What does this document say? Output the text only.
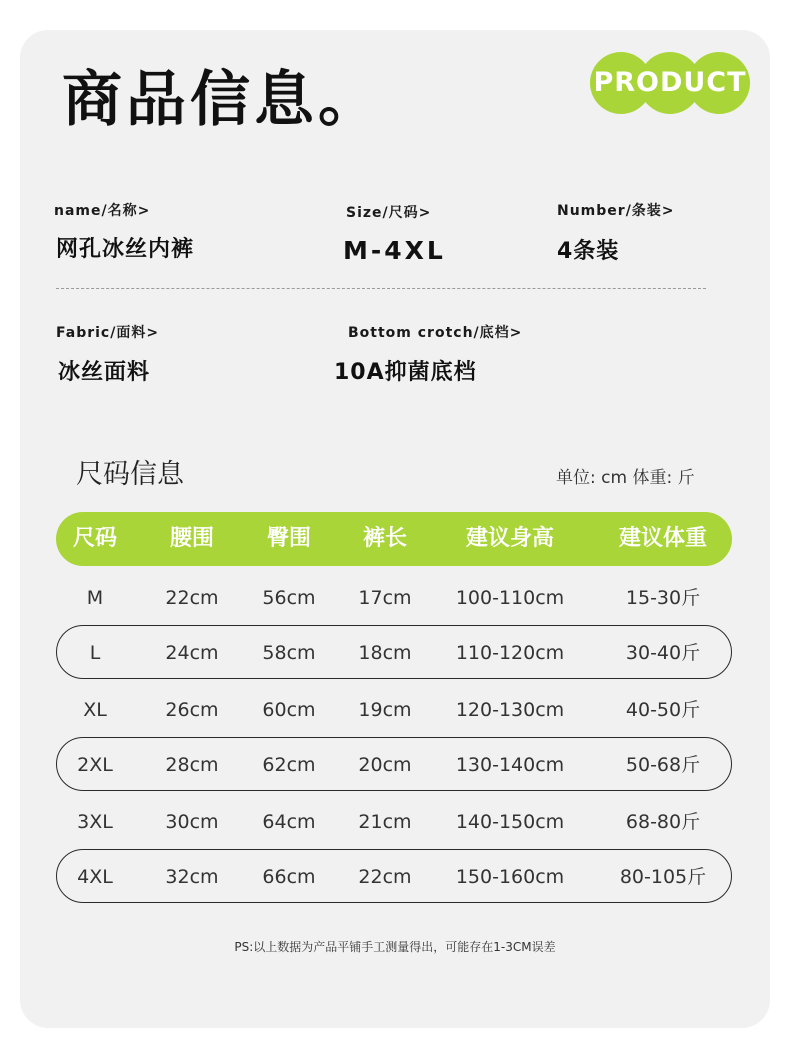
商品信息。	PRODUCT
name/名称>
网孔冰丝内裤
Size/尺码>
M-4XL
Number/条装>
4条装
Fabric/面料>
冰丝面料
Bottom crotch/底档>
10A抑菌底档
尺码信息	单位: cm 体重: 斤
尺码 腰围 臀围 裤长	建议身高	建议体重
M	22cm 56cm 17cm 100-110cm	15-30斤
L	24cm 58cm 18cm 110-120cm	30-40斤
XL	26cm 60cm 19cm 120-130cm	40-50斤
2XL	28cm 62cm 20cm 130-140cm	50-68斤
3XL	30cm 64cm 21cm 140-150cm	68-80斤
4XL	32cm 66cm 22cm 150-160cm	80-105斤
PS:以上数据为产品平铺手工测量得出，可能存在1-3CM误差
